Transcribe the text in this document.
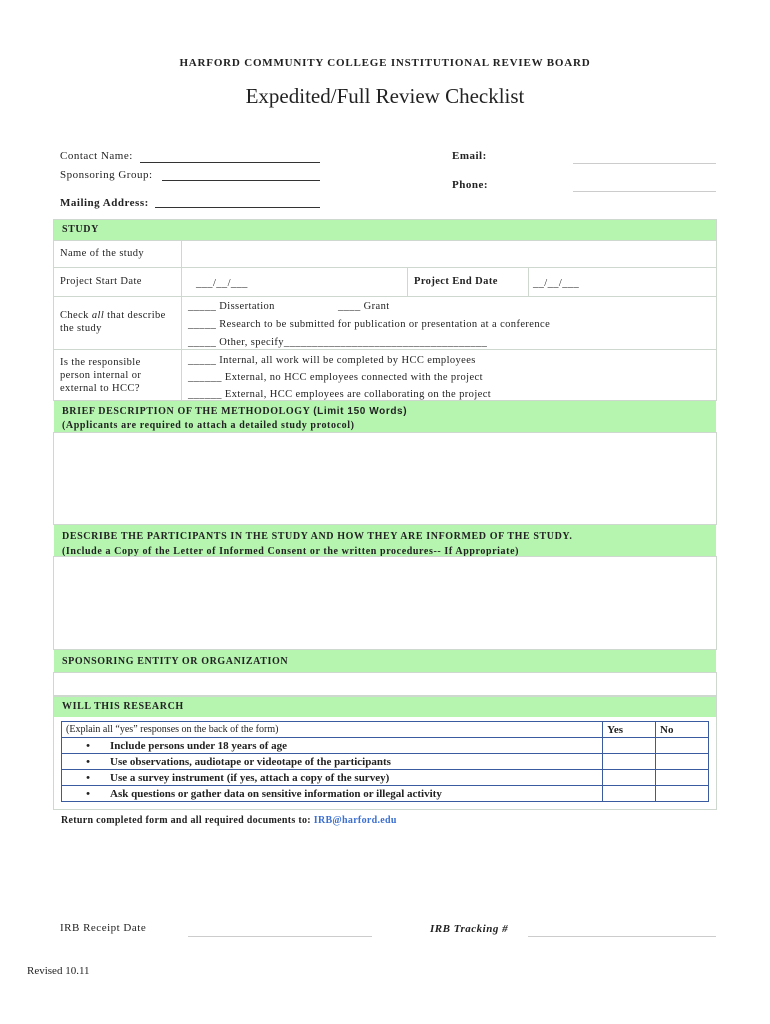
HARFORD COMMUNITY COLLEGE INSTITUTIONAL REVIEW BOARD
Expedited/Full Review Checklist
Contact Name:
Sponsoring Group:
Mailing Address:
Email:
Phone:
STUDY
Name of the study
Project Start Date	___/__/___	Project End Date	__/__/___
Check all that describe the study
_____ Dissertation	____ Grant
_____ Research to be submitted for publication or presentation at a conference
_____ Other, specify____________________________________
Is the responsible person internal or external to HCC?
_____ Internal, all work will be completed by HCC employees
______ External, no HCC employees connected with the project
______ External, HCC employees are collaborating on the project
BRIEF DESCRIPTION OF THE METHODOLOGY (Limit 150 Words)
(Applicants are required to attach a detailed study protocol)
DESCRIBE THE PARTICIPANTS IN THE STUDY AND HOW THEY ARE INFORMED OF THE STUDY.
(Include a Copy of the Letter of Informed Consent or the written procedures-- If Appropriate)
SPONSORING ENTITY OR ORGANIZATION
WILL THIS RESEARCH
(Explain all “yes” responses on the back of the form)	Yes	No
• Include persons under 18 years of age		
• Use observations, audiotape or videotape of the participants		
• Use a survey instrument (if yes, attach a copy of the survey)		
• Ask questions or gather data on sensitive information or illegal activity		
Return completed form and all required documents to: IRB@harford.edu
IRB Receipt Date	IRB Tracking #
Revised 10.11
